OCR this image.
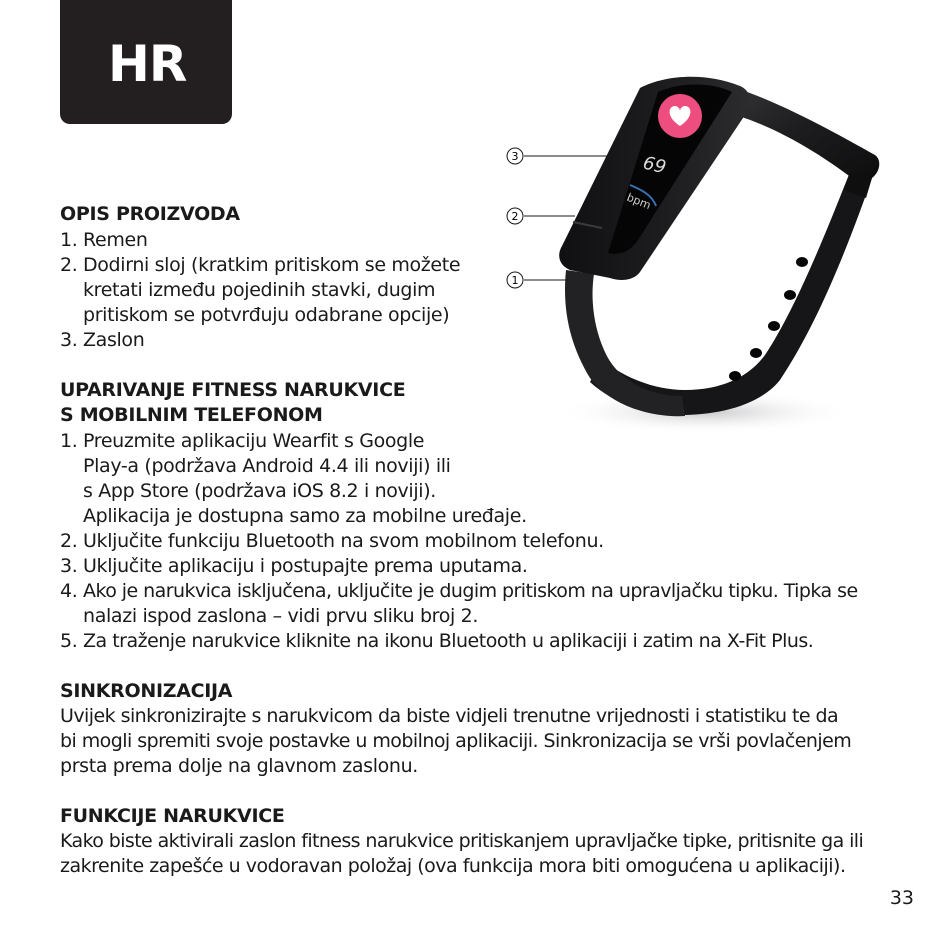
HR
69
bpm
3
2
1
OPIS PROIZVODA
1. Remen
2. Dodirni sloj (kratkim pritiskom se možete
kretati između pojedinih stavki, dugim
pritiskom se potvrđuju odabrane opcije)
3. Zaslon
UPARIVANJE FITNESS NARUKVICE
S MOBILNIM TELEFONOM
1. Preuzmite aplikaciju Wearfit s Google
Play-a (podržava Android 4.4 ili noviji) ili
s App Store (podržava iOS 8.2 i noviji).
Aplikacija je dostupna samo za mobilne uređaje.
2. Uključite funkciju Bluetooth na svom mobilnom telefonu.
3. Uključite aplikaciju i postupajte prema uputama.
4. Ako je narukvica isključena, uključite je dugim pritiskom na upravljačku tipku. Tipka se
nalazi ispod zaslona – vidi prvu sliku broj 2.
5. Za traženje narukvice kliknite na ikonu Bluetooth u aplikaciji i zatim na X-Fit Plus.
SINKRONIZACIJA
Uvijek sinkronizirajte s narukvicom da biste vidjeli trenutne vrijednosti i statistiku te da
bi mogli spremiti svoje postavke u mobilnoj aplikaciji. Sinkronizacija se vrši povlačenjem
prsta prema dolje na glavnom zaslonu.
FUNKCIJE NARUKVICE
Kako biste aktivirali zaslon fitness narukvice pritiskanjem upravljačke tipke, pritisnite ga ili
zakrenite zapešće u vodoravan položaj (ova funkcija mora biti omogućena u aplikaciji).
33
